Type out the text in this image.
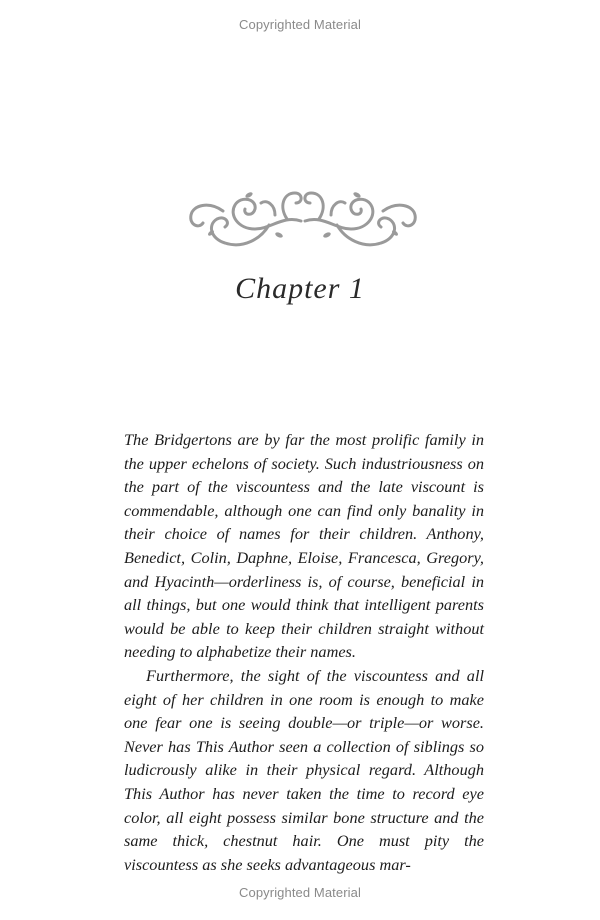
Copyrighted Material
Chapter 1

The Bridgertons are by far the most prolific family in the upper echelons of society. Such industriousness on the part of the viscountess and the late viscount is commendable, although one can find only banality in their choice of names for their children. Anthony, Benedict, Colin, Daphne, Eloise, Francesca, Gregory, and Hyacinth—orderliness is, of course, beneficial in all things, but one would think that intelligent parents would be able to keep their children straight without needing to alphabetize their names.

Furthermore, the sight of the viscountess and all eight of her children in one room is enough to make one fear one is seeing double—or triple—or worse. Never has This Author seen a collection of siblings so ludicrously alike in their physical regard. Although This Author has never taken the time to record eye color, all eight possess similar bone structure and the same thick, chestnut hair. One must pity the viscountess as she seeks advantageous mar-

Copyrighted Material
